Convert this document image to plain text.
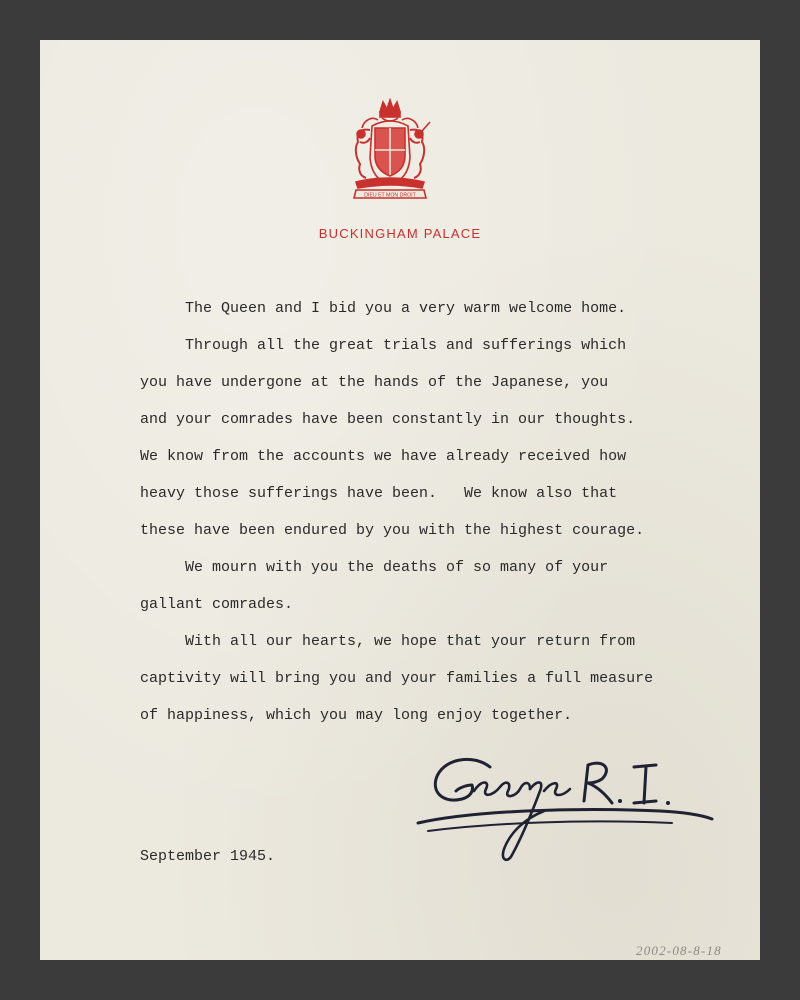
DIEU ET MON DROIT
BUCKINGHAM PALACE

The Queen and I bid you a very warm welcome home.

Through all the great trials and sufferings which

you have undergone at the hands of the Japanese, you

and your comrades have been constantly in our thoughts.

We know from the accounts we have already received how

heavy those sufferings have been.   We know also that

these have been endured by you with the highest courage.

We mourn with you the deaths of so many of your

gallant comrades.

With all our hearts, we hope that your return from

captivity will bring you and your families a full measure

of happiness, which you may long enjoy together.

September 1945.
2002-08-8-18
